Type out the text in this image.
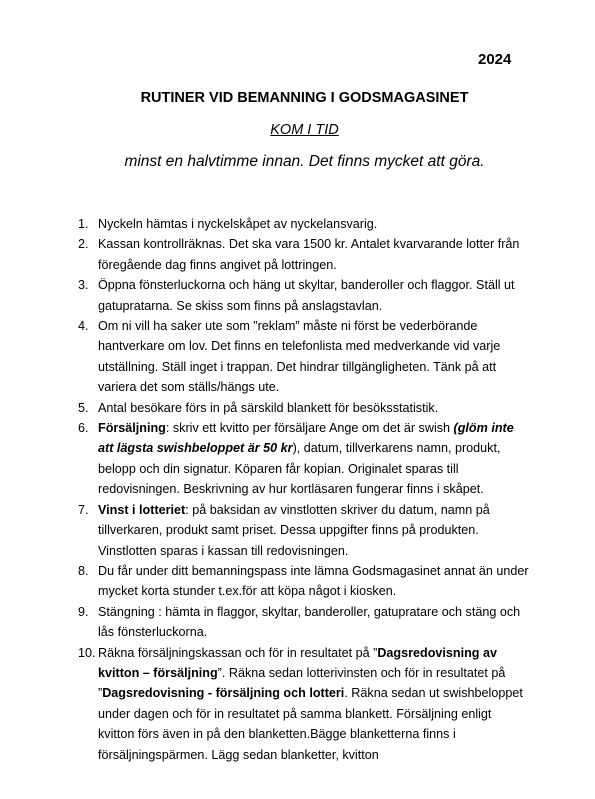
2024
RUTINER VID BEMANNING I GODSMAGASINET
KOM I TID
minst en halvtimme innan. Det finns mycket att göra.
1. Nyckeln hämtas i nyckelskåpet av nyckelansvarig.
2. Kassan kontrollräknas. Det ska vara 1500 kr. Antalet kvarvarande lotter från föregående dag finns angivet på lottringen.
3. Öppna fönsterluckorna och häng ut skyltar, banderoller och flaggor. Ställ ut gatupratarna. Se skiss som finns på anslagstavlan.
4. Om ni vill ha saker ute som ”reklam” måste ni först be vederbörande hantverkare om lov. Det finns en telefonlista med medverkande vid varje utställning. Ställ inget i trappan. Det hindrar tillgängligheten. Tänk på att variera det som ställs/hängs ute.
5. Antal besökare förs in på särskild blankett för besöksstatistik.
6. Försäljning: skriv ett kvitto per försäljare Ange om det är swish (glöm inte att lägsta swishbeloppet är 50 kr), datum, tillverkarens namn, produkt, belopp och din signatur. Köparen får kopian. Originalet sparas till redovisningen. Beskrivning av hur kortläsaren fungerar finns i skåpet.
7. Vinst i lotteriet: på baksidan av vinstlotten skriver du datum, namn på tillverkaren, produkt samt priset. Dessa uppgifter finns på produkten. Vinstlotten sparas i kassan till redovisningen.
8. Du får under ditt bemanningspass inte lämna Godsmagasinet annat än under mycket korta stunder t.ex.för att köpa något i kiosken.
9. Stängning : hämta in flaggor, skyltar, banderoller, gatupratare och stäng och lås fönsterluckorna.
10. Räkna försäljningskassan och för in resultatet på ”Dagsredovisning av kvitton – försäljning”. Räkna sedan lotterivinsten och för in resultatet på ”Dagsredovisning - försäljning och lotteri. Räkna sedan ut swishbeloppet under dagen och för in resultatet på samma blankett. Försäljning enligt kvitton förs även in på den blanketten.Bägge blanketterna finns i försäljningspärmen. Lägg sedan blanketter, kvitton
